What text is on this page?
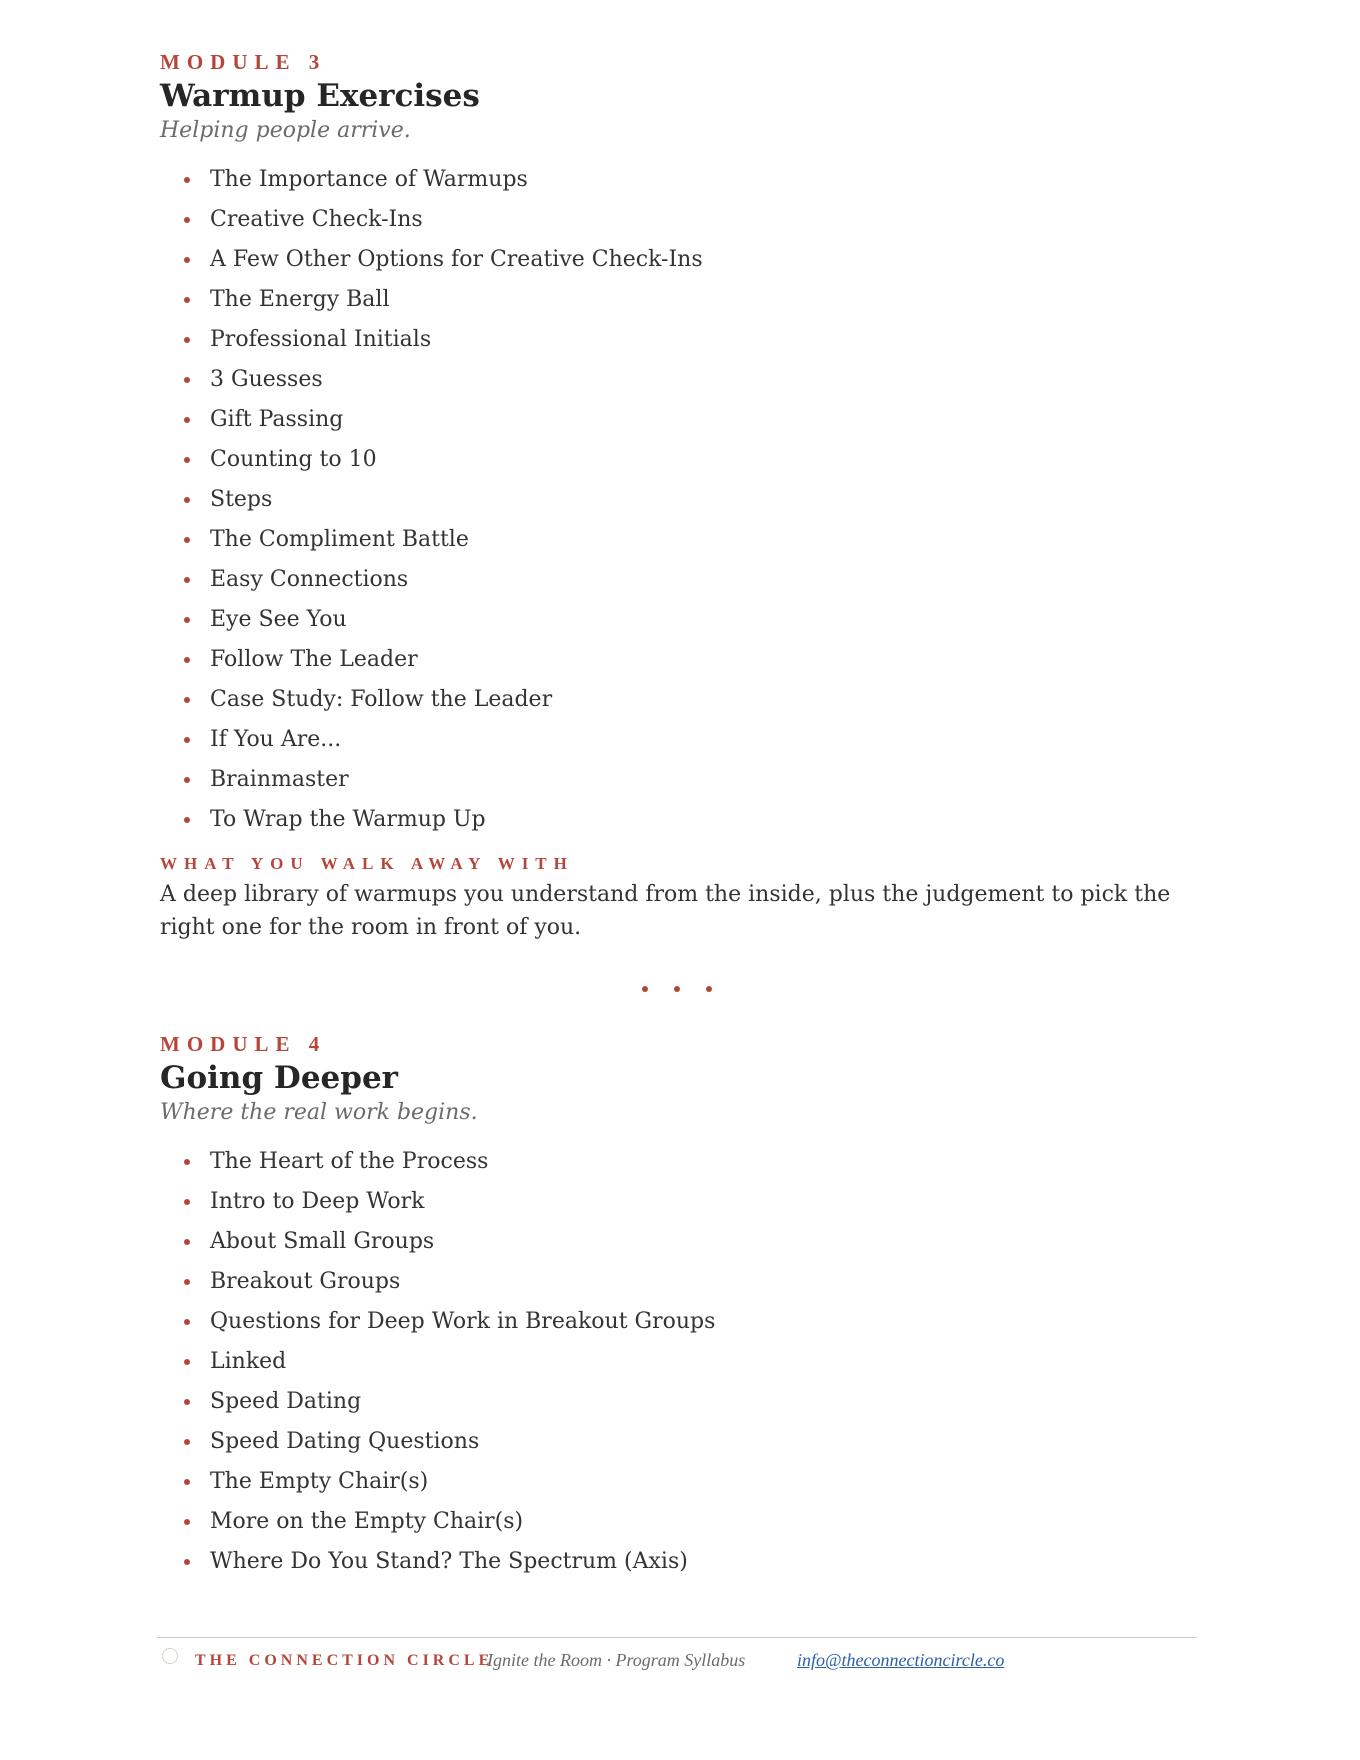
MODULE 3

Warmup Exercises

Helping people arrive.

The Importance of Warmups
Creative Check-Ins
A Few Other Options for Creative Check-Ins
The Energy Ball
Professional Initials
3 Guesses
Gift Passing
Counting to 10
Steps
The Compliment Battle
Easy Connections
Eye See You
Follow The Leader
Case Study: Follow the Leader
If You Are...
Brainmaster
To Wrap the Warmup Up

WHAT YOU WALK AWAY WITH

A deep library of warmups you understand from the inside, plus the judgement to pick the right one for the room in front of you.

MODULE 4

Going Deeper

Where the real work begins.

The Heart of the Process
Intro to Deep Work
About Small Groups
Breakout Groups
Questions for Deep Work in Breakout Groups
Linked
Speed Dating
Speed Dating Questions
The Empty Chair(s)
More on the Empty Chair(s)
Where Do You Stand? The Spectrum (Axis)
THE CONNECTION CIRCLE
Ignite the Room · Program Syllabus	info@theconnectioncircle.co
